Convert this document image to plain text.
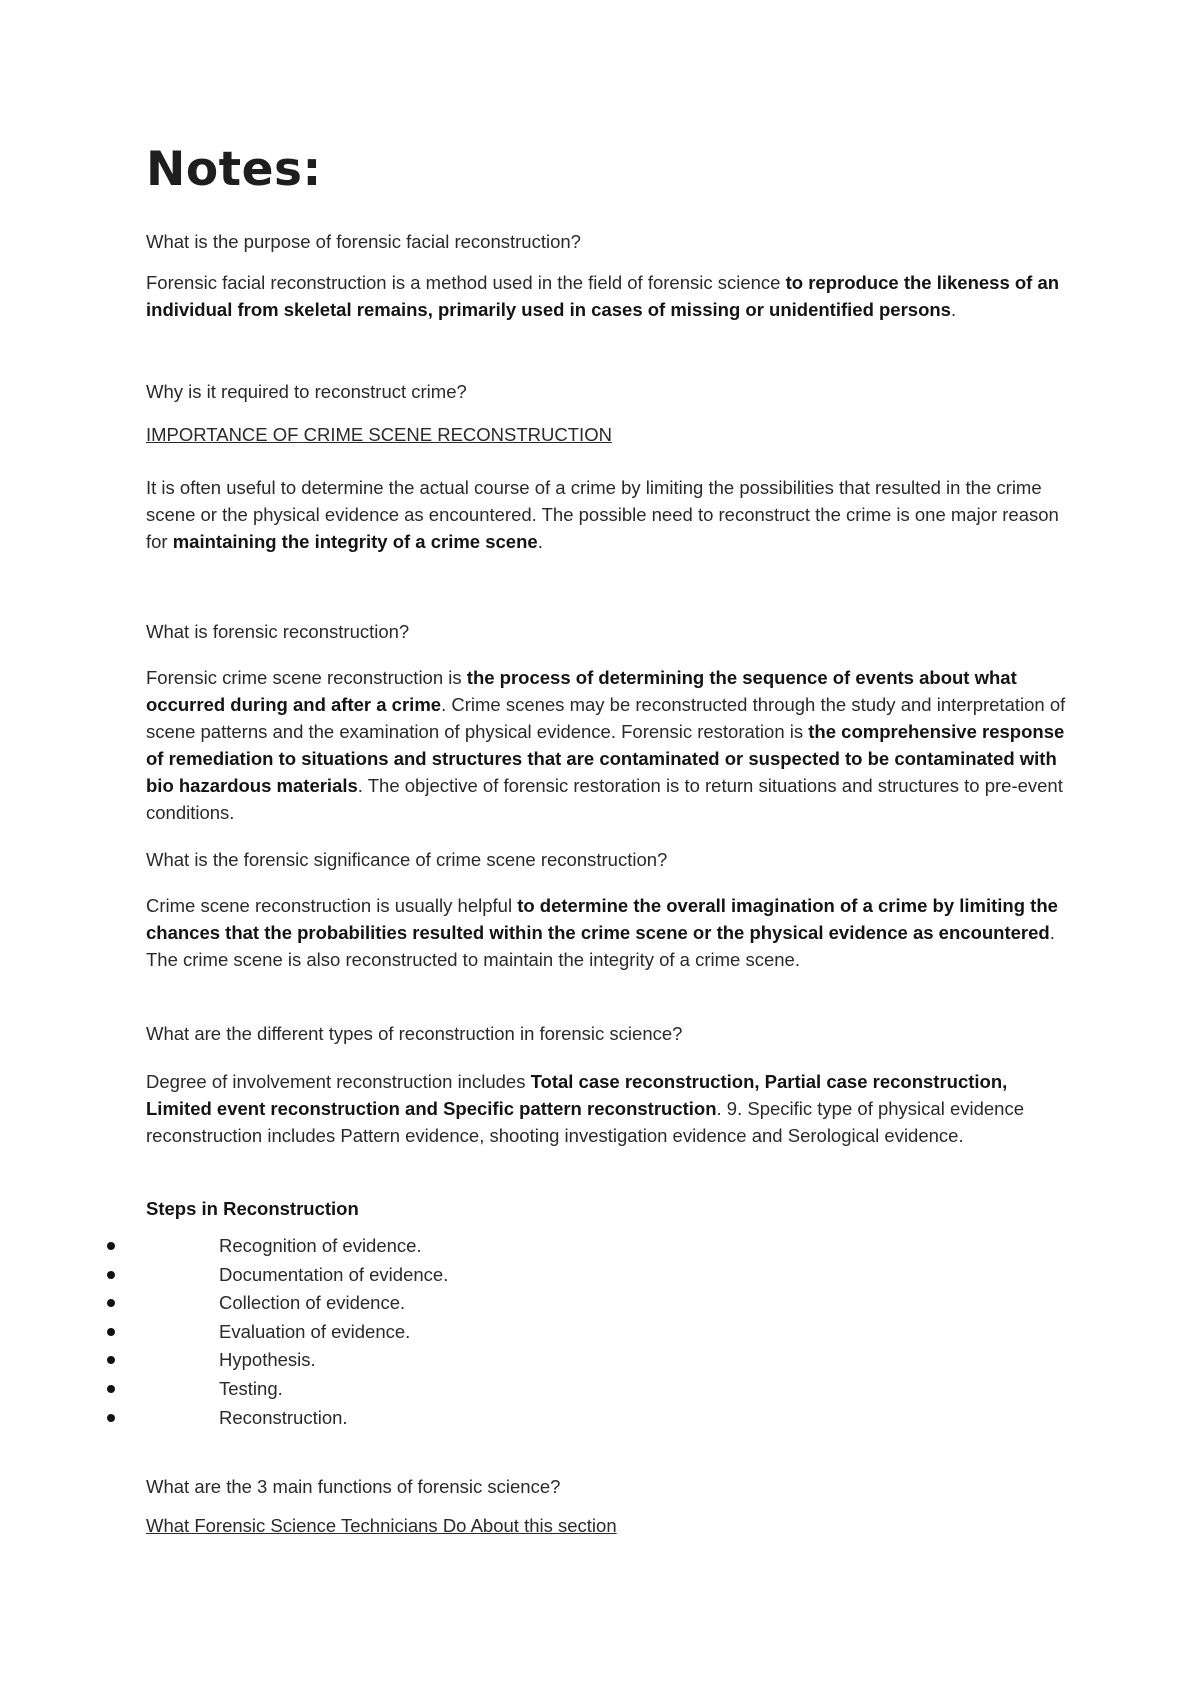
Notes:

What is the purpose of forensic facial reconstruction?

Forensic facial reconstruction is a method used in the field of forensic science to reproduce the likeness of an individual from skeletal remains, primarily used in cases of missing or unidentified persons.

Why is it required to reconstruct crime?

IMPORTANCE OF CRIME SCENE RECONSTRUCTION

It is often useful to determine the actual course of a crime by limiting the possibilities that resulted in the crime scene or the physical evidence as encountered. The possible need to reconstruct the crime is one major reason for maintaining the integrity of a crime scene.

What is forensic reconstruction?

Forensic crime scene reconstruction is the process of determining the sequence of events about what occurred during and after a crime. Crime scenes may be reconstructed through the study and interpretation of scene patterns and the examination of physical evidence. Forensic restoration is the comprehensive response of remediation to situations and structures that are contaminated or suspected to be contaminated with bio hazardous materials. The objective of forensic restoration is to return situations and structures to pre-event conditions.

What is the forensic significance of crime scene reconstruction?

Crime scene reconstruction is usually helpful to determine the overall imagination of a crime by limiting the chances that the probabilities resulted within the crime scene or the physical evidence as encountered. The crime scene is also reconstructed to maintain the integrity of a crime scene.

What are the different types of reconstruction in forensic science?

Degree of involvement reconstruction includes Total case reconstruction, Partial case reconstruction, Limited event reconstruction and Specific pattern reconstruction. 9. Specific type of physical evidence reconstruction includes Pattern evidence, shooting investigation evidence and Serological evidence.

Steps in Reconstruction

Recognition of evidence.
Documentation of evidence.
Collection of evidence.
Evaluation of evidence.
Hypothesis.
Testing.
Reconstruction.

What are the 3 main functions of forensic science?

What Forensic Science Technicians Do About this section
